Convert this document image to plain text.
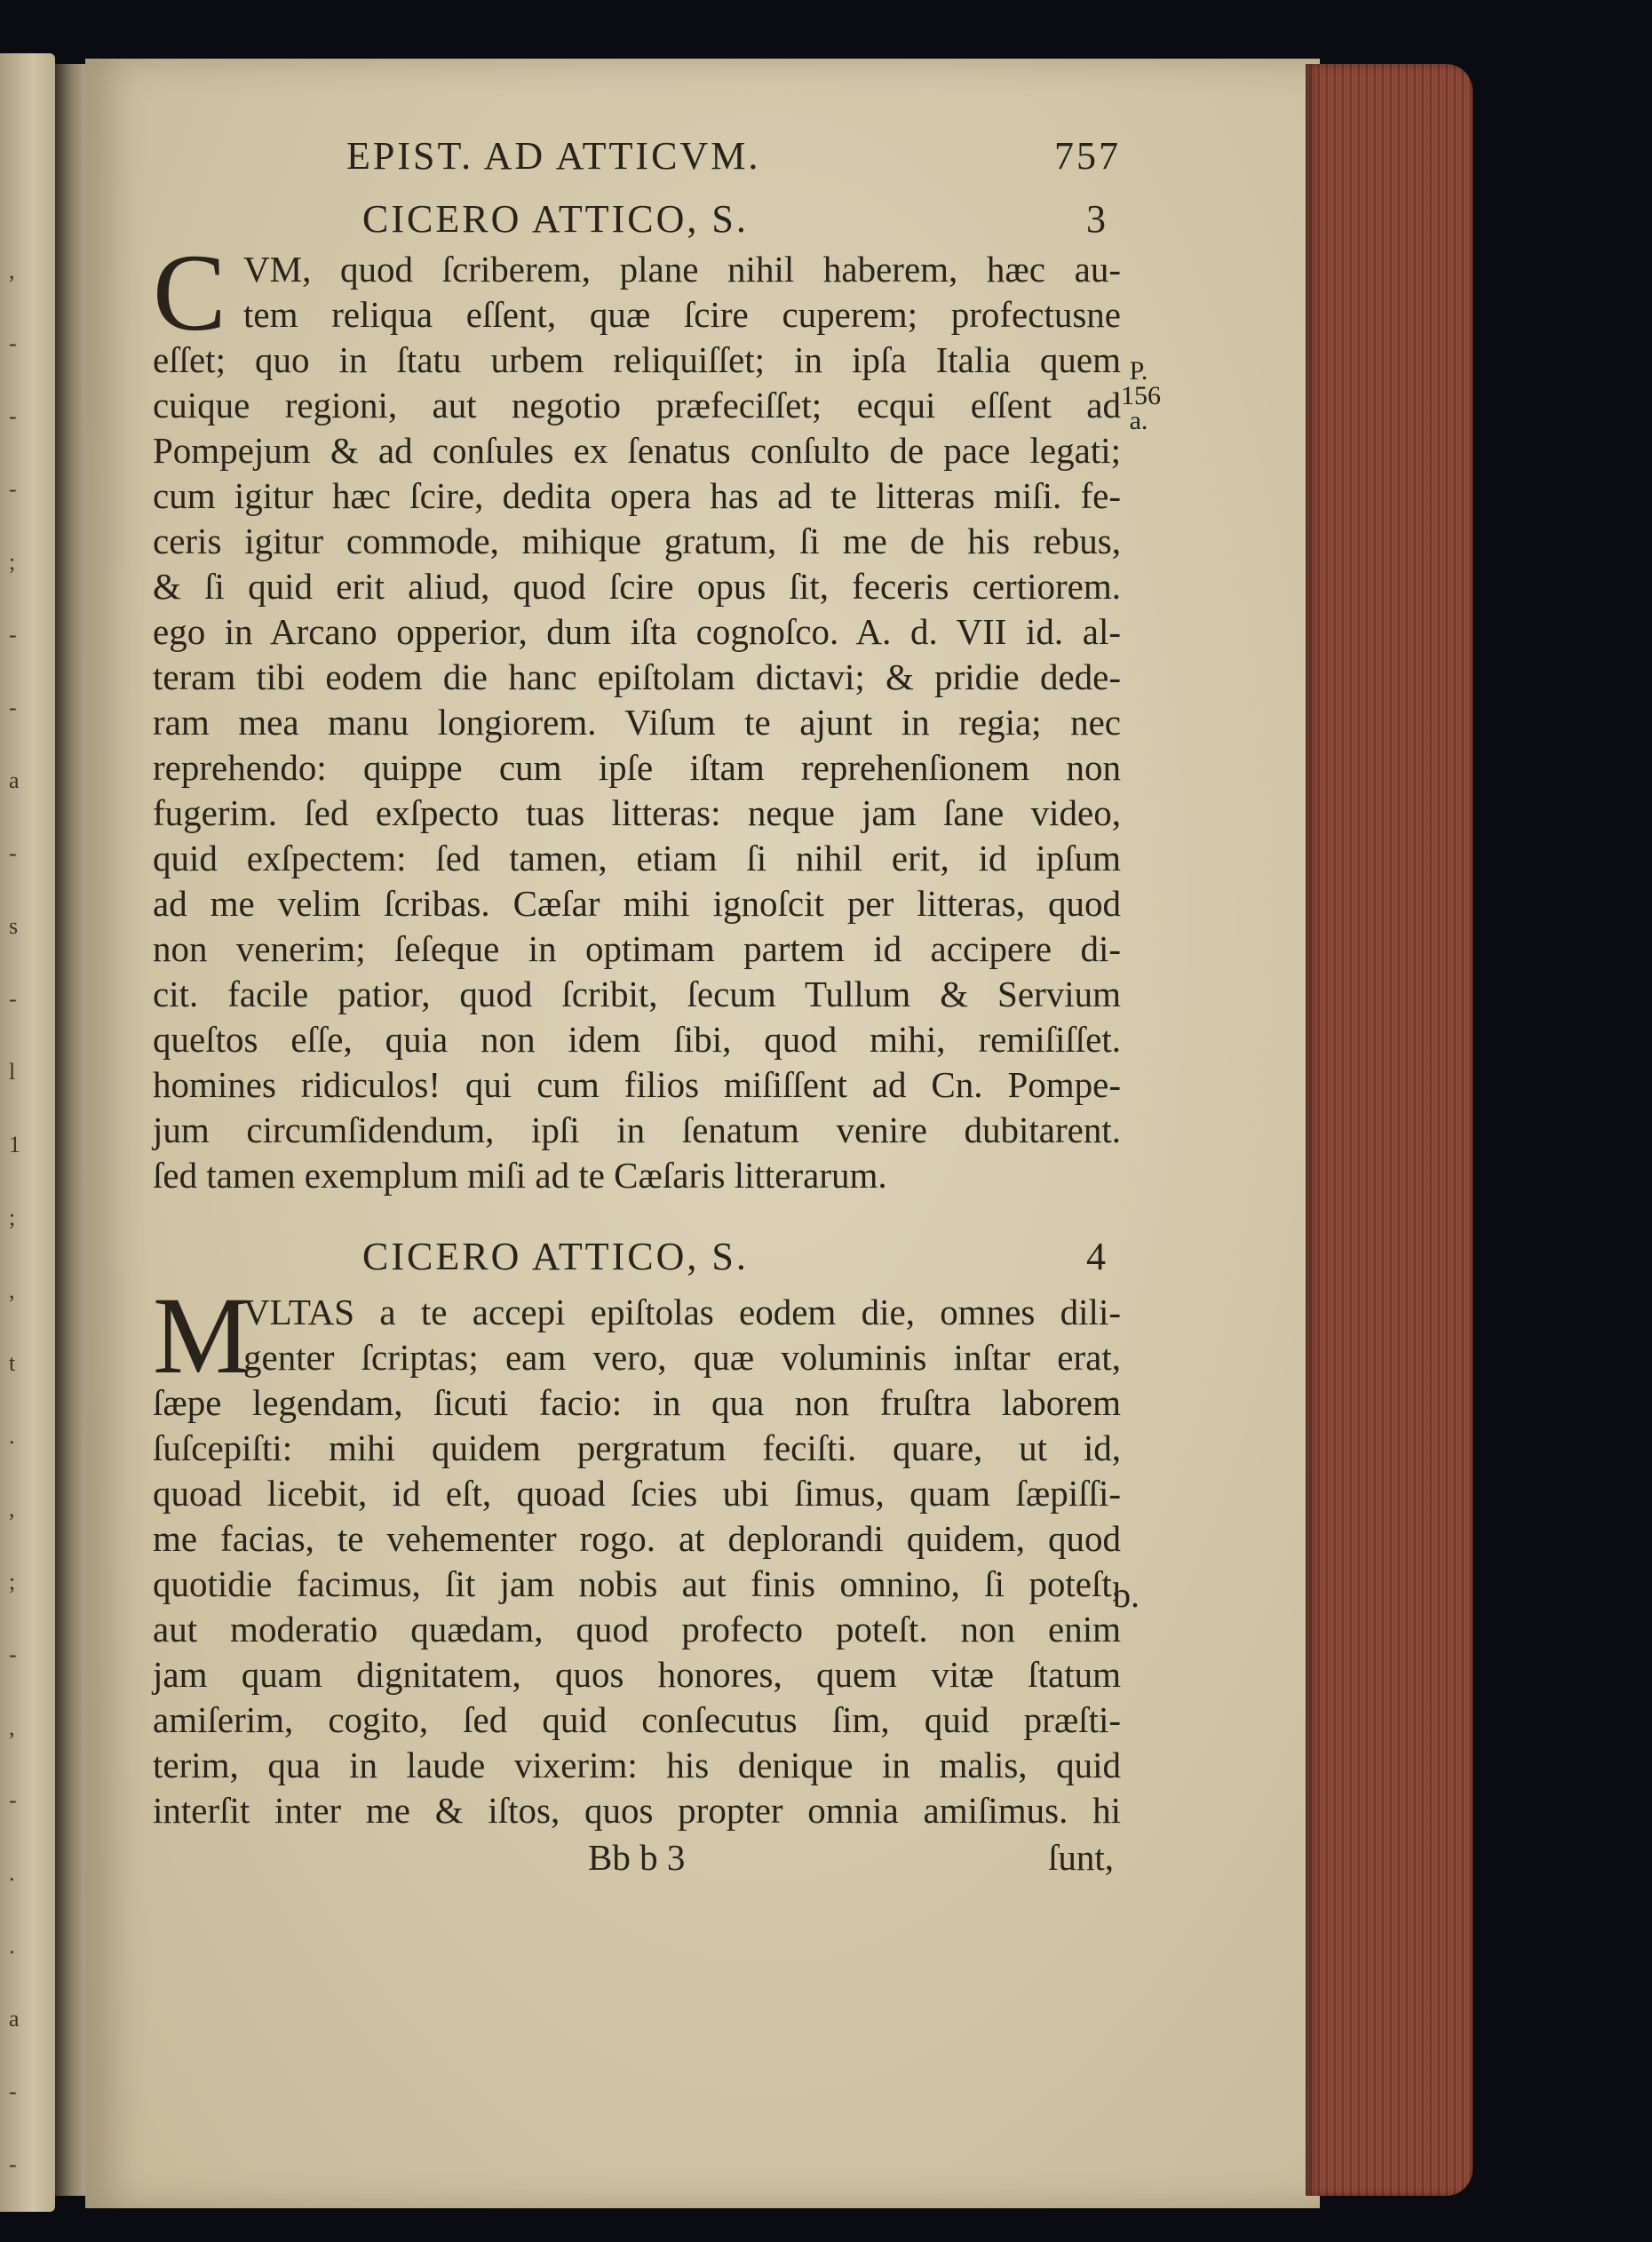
,
-
-
-
;
-
-
a
-
s
-
l
1
;
,
t
.
,
;
-
,
-
.
.
a
-
-
EPIST. AD ATTICVM.	757
CICERO ATTICO, S.	3
C VM, quod ſcriberem, plane nihil haberem, hæc au-
tem reliqua eſſent, quæ ſcire cuperem; profectusne
eſſet; quo in ſtatu urbem reliquiſſet; in ipſa Italia quem
cuique regioni, aut negotio præfeciſſet; ecqui eſſent ad
Pompejum & ad conſules ex ſenatus conſulto de pace legati;
cum igitur hæc ſcire, dedita opera has ad te litteras miſi. fe-
ceris igitur commode, mihique gratum, ſi me de his rebus,
& ſi quid erit aliud, quod ſcire opus ſit, feceris certiorem.
ego in Arcano opperior, dum iſta cognoſco. A. d. VII id. al-
teram tibi eodem die hanc epiſtolam dictavi; & pridie dede-
ram mea manu longiorem. Viſum te ajunt in regia; nec
reprehendo: quippe cum ipſe iſtam reprehenſionem non
fugerim. ſed exſpecto tuas litteras: neque jam ſane video,
quid exſpectem: ſed tamen, etiam ſi nihil erit, id ipſum
ad me velim ſcribas. Cæſar mihi ignoſcit per litteras, quod
non venerim; ſeſeque in optimam partem id accipere di-
cit. facile patior, quod ſcribit, ſecum Tullum & Servium
queſtos eſſe, quia non idem ſibi, quod mihi, remiſiſſet.
homines ridiculos! qui cum filios miſiſſent ad Cn. Pompe-
jum circumſidendum, ipſi in ſenatum venire dubitarent.
ſed tamen exemplum miſi ad te Cæſaris litterarum.
CICERO ATTICO, S.	4
M
VLTAS a te accepi epiſtolas eodem die, omnes dili-
genter ſcriptas; eam vero, quæ voluminis inſtar erat,
ſæpe legendam, ſicuti facio: in qua non fruſtra laborem
ſuſcepiſti: mihi quidem pergratum feciſti. quare, ut id,
quoad licebit, id eſt, quoad ſcies ubi ſimus, quam ſæpiſſi-
me facias, te vehementer rogo. at deplorandi quidem, quod
quotidie facimus, ſit jam nobis aut finis omnino, ſi poteſt,
aut moderatio quædam, quod profecto poteſt. non enim
jam quam dignitatem, quos honores, quem vitæ ſtatum
amiſerim, cogito, ſed quid conſecutus ſim, quid præſti-
terim, qua in laude vixerim: his denique in malis, quid
interſit inter me & iſtos, quos propter omnia amiſimus. hi
Bb b 3	ſunt,
P.
156
a.
b.
